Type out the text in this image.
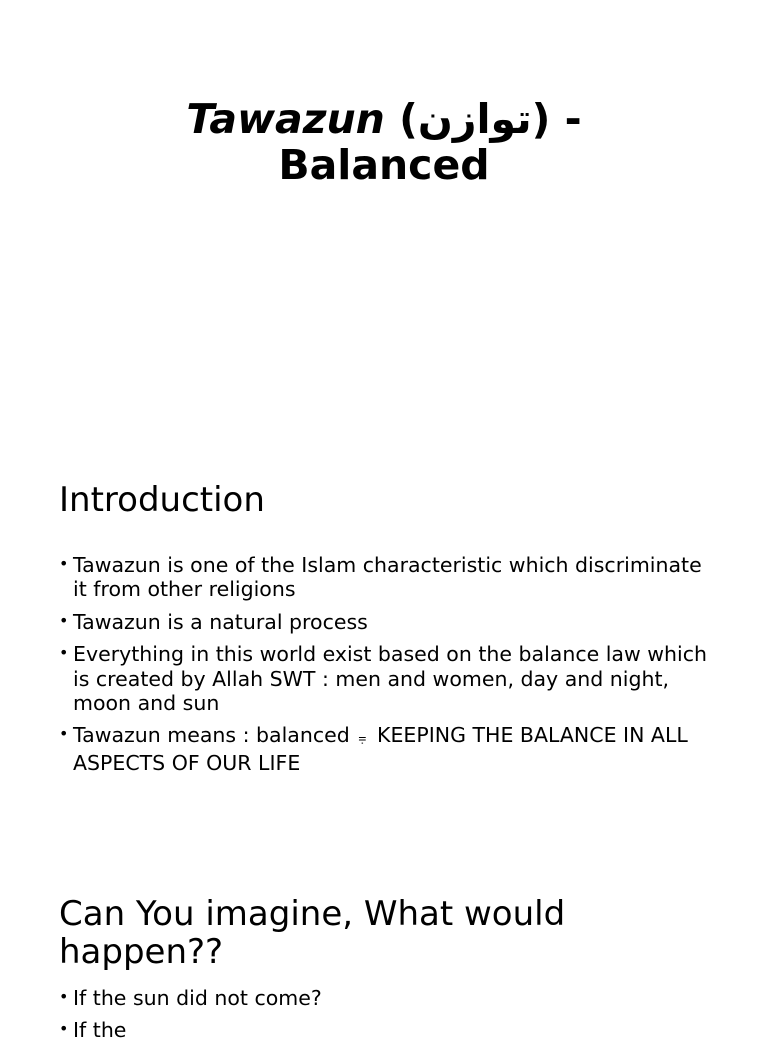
Tawazun (توازن) -
Balanced
Introduction
• Tawazun is one of the Islam characteristic which discriminate it from other religions
• Tawazun is a natural process
• Everything in this world exist based on the balance law which is created by Allah SWT : men and women, day and night, moon and sun
• Tawazun means : balanced ⩦ KEEPING THE BALANCE IN ALL ASPECTS OF OUR LIFE
Can You imagine, What would happen??
• If the sun did not come?
• If the
